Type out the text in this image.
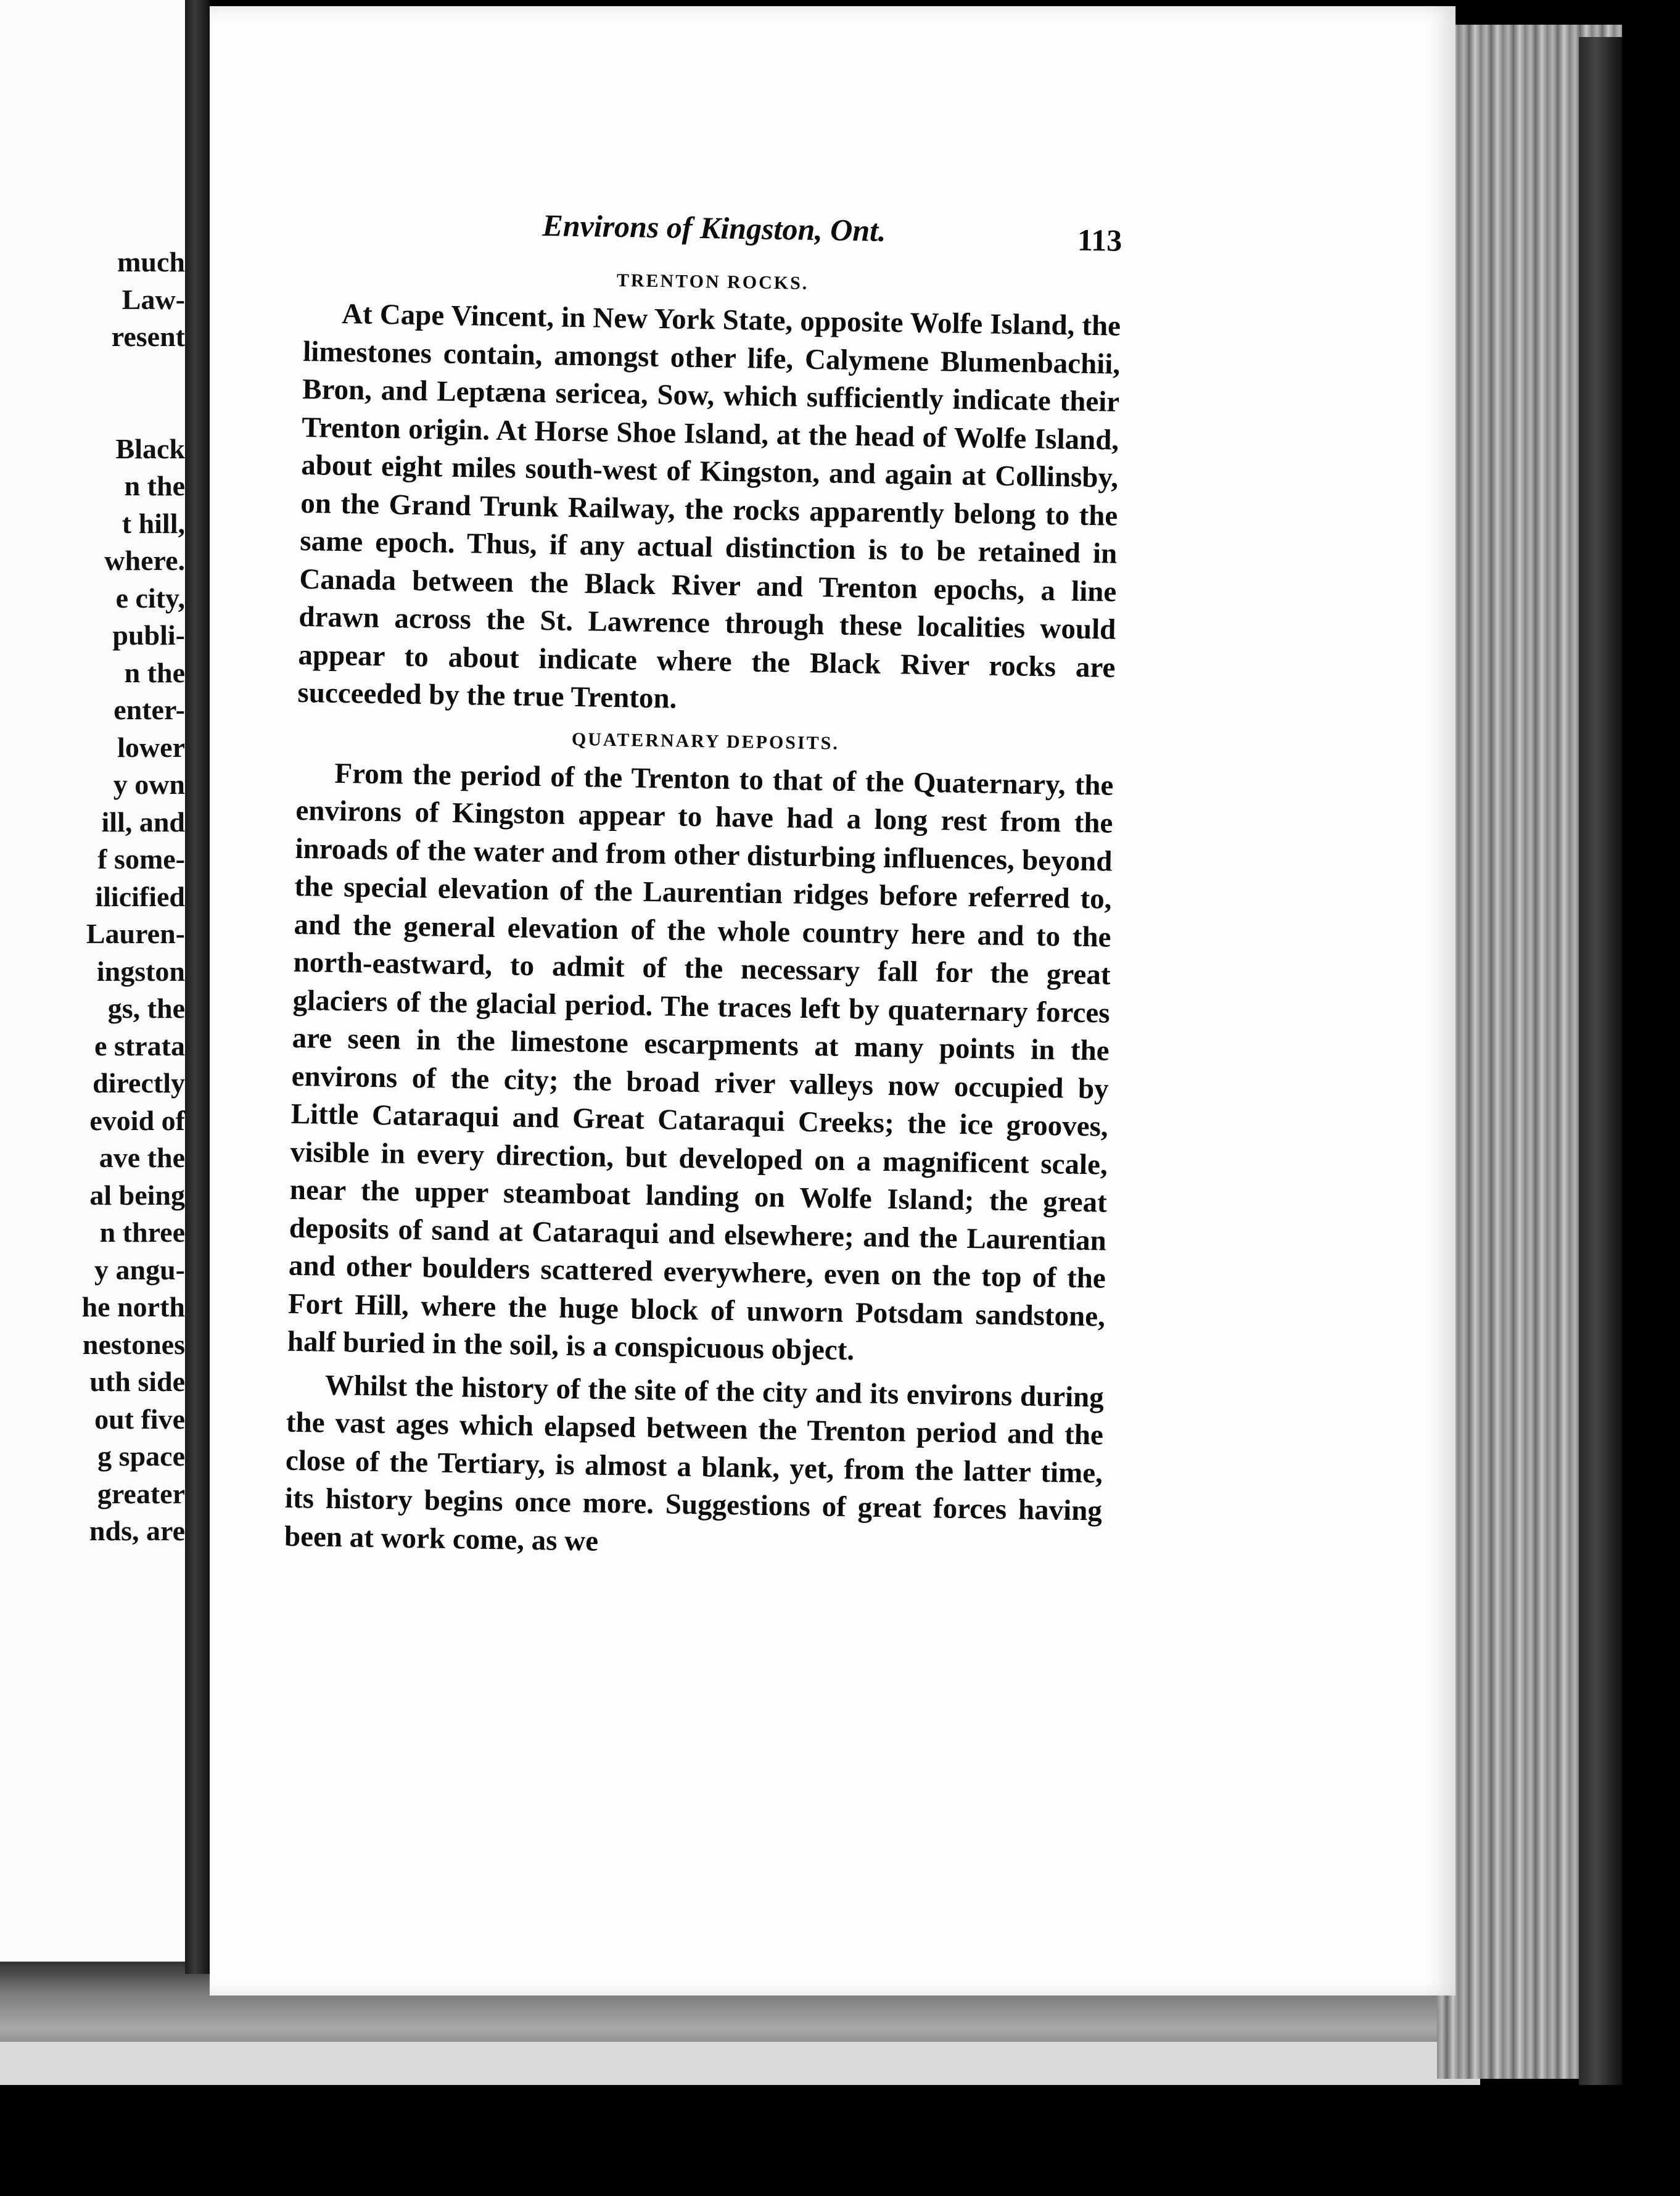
much
Law-
resent

Black
n the
t hill,
where.
e city,
publi-
n the
enter-
lower
y own
ill, and
f some-
ilicified
Lauren-
ingston
gs, the
e strata
directly
evoid of
ave the
al being
n three
y angu-
he north
nestones
uth side
out five
g space
greater
nds, are
Environs of Kingston, Ont.	113
TRENTON ROCKS.

At Cape Vincent, in New York State, opposite Wolfe Island, the limestones contain, amongst other life, Calymene Blumenbachii, Bron, and Leptæna sericea, Sow, which sufficiently indicate their Trenton origin. At Horse Shoe Island, at the head of Wolfe Island, about eight miles south-west of Kingston, and again at Collinsby, on the Grand Trunk Railway, the rocks apparently belong to the same epoch. Thus, if any actual distinction is to be retained in Canada between the Black River and Trenton epochs, a line drawn across the St. Lawrence through these localities would appear to about indicate where the Black River rocks are succeeded by the true Trenton.

QUATERNARY DEPOSITS.

From the period of the Trenton to that of the Quaternary, the environs of Kingston appear to have had a long rest from the inroads of the water and from other disturbing influences, beyond the special elevation of the Laurentian ridges before referred to, and the general elevation of the whole country here and to the north-eastward, to admit of the necessary fall for the great glaciers of the glacial period. The traces left by quaternary forces are seen in the limestone escarpments at many points in the environs of the city; the broad river valleys now occupied by Little Cataraqui and Great Cataraqui Creeks; the ice grooves, visible in every direction, but developed on a magnificent scale, near the upper steamboat landing on Wolfe Island; the great deposits of sand at Cataraqui and elsewhere; and the Laurentian and other boulders scattered everywhere, even on the top of the Fort Hill, where the huge block of unworn Potsdam sandstone, half buried in the soil, is a conspicuous object.

Whilst the history of the site of the city and its environs during the vast ages which elapsed between the Trenton period and the close of the Tertiary, is almost a blank, yet, from the latter time, its history begins once more. Suggestions of great forces having been at work come, as we
